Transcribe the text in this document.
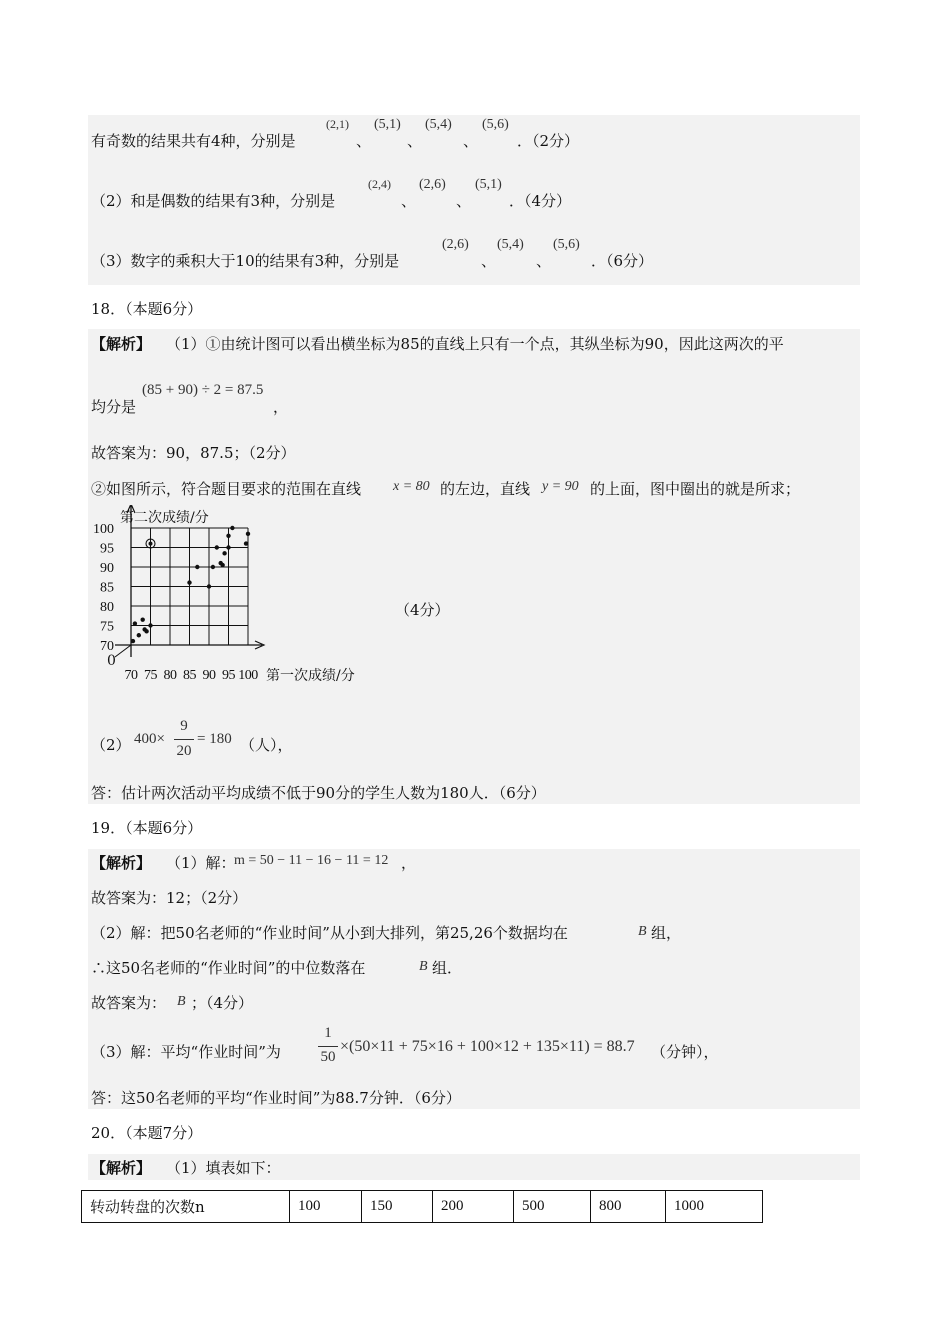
有奇数的结果共有4种，分别是
(2,1)
、
(5,1)
、
(5,4)
、
(5,6)
．（2分）
（2）和是偶数的结果有3种，分别是
(2,4)
、
(2,6)
、
(5,1)
．（4分）
（3）数字的乘积大于10的结果有3种，分别是
(2,6)
、
(5,4)
、
(5,6)
．（6分）
18．（本题6分）
【解析】 （1）①由统计图可以看出横坐标为85的直线上只有一个点，其纵坐标为90，因此这两次的平
均分是
(85 + 90) ÷ 2 = 87.5
，
故答案为：90，87.5；（2分）
②如图所示，符合题目要求的范围在直线 x = 80 的左边，直线 y = 90 的上面，图中圈出的就是所求；
70 75 80 85 90 95 100
70
75
80
85
90
95
100
第二次成绩/分
第一次成绩/分
0
（4分）
（2） 400×
9
20
= 180 （人），
答：估计两次活动平均成绩不低于90分的学生人数为180人．（6分）
19．（本题6分）
【解析】 （1）解：
m = 50 − 11 − 16 − 11 = 12 ，
故答案为：12；（2分）
（2）解：把50名老师的“作业时间”从小到大排列，第25,26个数据均在	B 组，
∴这50名老师的“作业时间”的中位数落在	B 组．
故答案为： B ；（4分）
（3）解：平均“作业时间”为
1
50
×(50×11 + 75×16 + 100×12 + 135×11) = 88.7 （分钟），
答：这50名老师的平均“作业时间”为88.7分钟．（6分）
20．（本题7分）
【解析】 （1）填表如下：
转动转盘的次数n	100	150	200	500	800	1000
